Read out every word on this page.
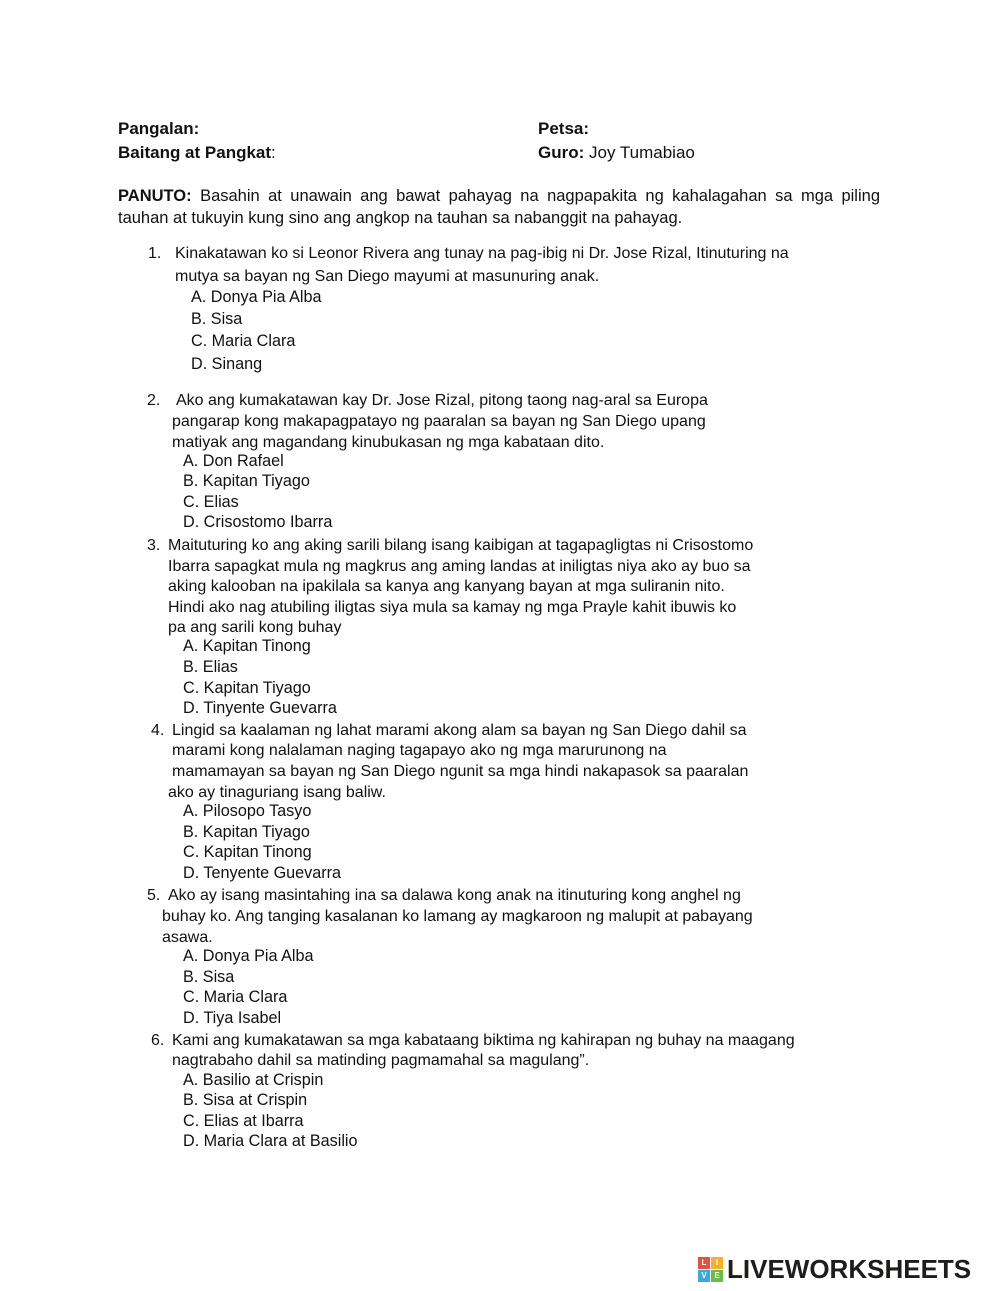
Pangalan:	Petsa:
Baitang at Pangkat:	Guro: Joy Tumabiao
PANUTO: Basahin at unawain ang bawat pahayag na nagpapakita ng kahalagahan sa mga piling tauhan at tukuyin kung sino ang angkop na tauhan sa nabanggit na pahayag.
1. Kinakatawan ko si Leonor Rivera ang tunay na pag-ibig ni Dr. Jose Rizal, Itinuturing na
mutya sa bayan ng San Diego mayumi at masunuring anak.
A. Donya Pia Alba
B. Sisa
C. Maria Clara
D. Sinang
2. Ako ang kumakatawan kay Dr. Jose Rizal, pitong taong nag-aral sa Europa
pangarap kong makapagpatayo ng paaralan sa bayan ng San Diego upang
matiyak ang magandang kinubukasan ng mga kabataan dito.
A. Don Rafael
B. Kapitan Tiyago
C. Elias
D. Crisostomo Ibarra
3. Maituturing ko ang aking sarili bilang isang kaibigan at tagapagligtas ni Crisostomo
Ibarra sapagkat mula ng magkrus ang aming landas at iniligtas niya ako ay buo sa
aking kalooban na ipakilala sa kanya ang kanyang bayan at mga suliranin nito.
Hindi ako nag atubiling iligtas siya mula sa kamay ng mga Prayle kahit ibuwis ko
pa ang sarili kong buhay
A. Kapitan Tinong
B. Elias
C. Kapitan Tiyago
D. Tinyente Guevarra
4. Lingid sa kaalaman ng lahat marami akong alam sa bayan ng San Diego dahil sa
marami kong nalalaman naging tagapayo ako ng mga marurunong na
mamamayan sa bayan ng San Diego ngunit sa mga hindi nakapasok sa paaralan
ako ay tinaguriang isang baliw.
A. Pilosopo Tasyo
B. Kapitan Tiyago
C. Kapitan Tinong
D. Tenyente Guevarra
5. Ako ay isang masintahing ina sa dalawa kong anak na itinuturing kong anghel ng
buhay ko. Ang tanging kasalanan ko lamang ay magkaroon ng malupit at pabayang
asawa.
A. Donya Pia Alba
B. Sisa
C. Maria Clara
D. Tiya Isabel
6. Kami ang kumakatawan sa mga kabataang biktima ng kahirapan ng buhay na maagang
nagtrabaho dahil sa matinding pagmamahal sa magulang”.
A. Basilio at Crispin
B. Sisa at Crispin
C. Elias at Ibarra
D. Maria Clara at Basilio
L	I
V E LIVEWORKSHEETS
